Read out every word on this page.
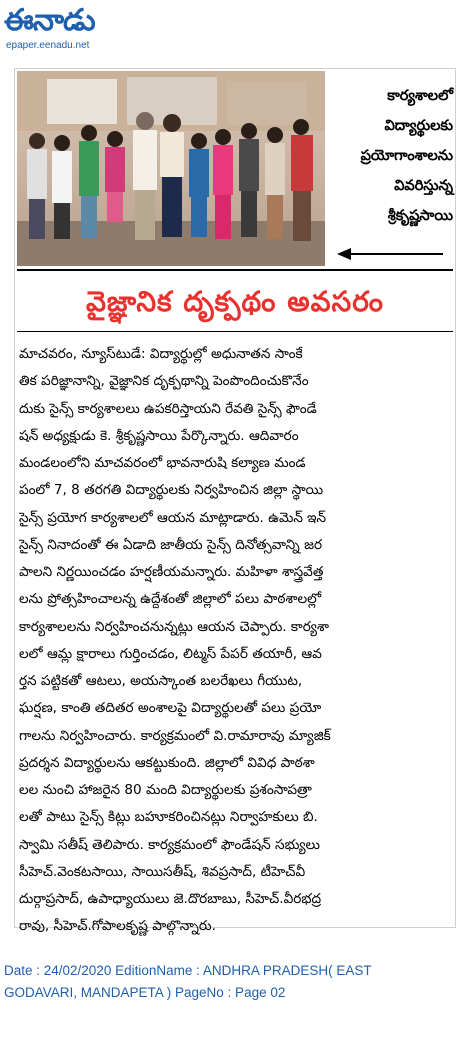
ఈనాడు
epaper.eenadu.net
కార్యశాలలో
విద్యార్థులకు
ప్రయోగాంశాలను
వివరిస్తున్న
శ్రీకృష్ణసాయి
వైజ్ఞానిక దృక్పథం అవసరం
మాచవరం, న్యూస్‌టుడే: విద్యార్థుల్లో అధునాతన సాంకే
తిక పరిజ్ఞానాన్ని, వైజ్ఞానిక దృక్పథాన్ని పెంపొందించుకొనేం
దుకు సైన్స్ కార్యశాలలు ఉపకరిస్తాయని రేవతి సైన్స్ ఫౌండే
షన్ అధ్యక్షుడు కె. శ్రీకృష్ణసాయి పేర్కొన్నారు. ఆదివారం
మండలంలోని మాచవరంలో భావనారుషి కల్యాణ మండ
పంలో 7, 8 తరగతి విద్యార్థులకు నిర్వహించిన జిల్లా స్థాయి
సైన్స్ ప్రయోగ కార్యశాలలో ఆయన మాట్లాడారు. ఉమెన్ ఇన్
సైన్స్ నినాదంతో ఈ ఏడాది జాతీయ సైన్స్ దినోత్సవాన్ని జర
పాలని నిర్ణయించడం హర్షణీయమన్నారు. మహిళా శాస్త్రవేత్త
లను ప్రోత్సహించాలన్న ఉద్దేశంతో జిల్లాలో పలు పాఠశాలల్లో
కార్యశాలలను నిర్వహించనున్నట్లు ఆయన చెప్పారు. కార్యశా
లలో ఆమ్ల క్షారాలు గుర్తించడం, లిట్మస్ పేపర్ తయారీ, ఆవ
ర్తన పట్టికతో ఆటలు, అయస్కాంత బలరేఖలు గీయుట,
ఘర్షణ, కాంతి తదితర అంశాలపై విద్యార్థులతో పలు ప్రయో
గాలను నిర్వహించారు. కార్యక్రమంలో వి.రామారావు మ్యాజిక్
ప్రదర్శన విద్యార్థులను ఆకట్టుకుంది. జిల్లాలో వివిధ పాఠశా
లల నుంచి హాజరైన 80 మంది విద్యార్థులకు ప్రశంసాపత్రా
లతో పాటు సైన్స్ కిట్లు బహూకరించినట్లు నిర్వాహకులు బి.
స్వామి సతీష్ తెలిపారు. కార్యక్రమంలో ఫౌండేషన్ సభ్యులు
సీహెచ్.వెంకటసాయి, సాయిసతీష్, శివప్రసాద్, టీహెచ్‌వీ
దుర్గాప్రసాద్, ఉపాధ్యాయులు జె.దొరబాబు, సీహెచ్.వీరభద్ర
రావు, సీహెచ్.గోపాలకృష్ణ పాల్గొన్నారు.
Date : 24/02/2020 EditionName : ANDHRA PRADESH( EAST
GODAVARI, MANDAPETA ) PageNo : Page 02
